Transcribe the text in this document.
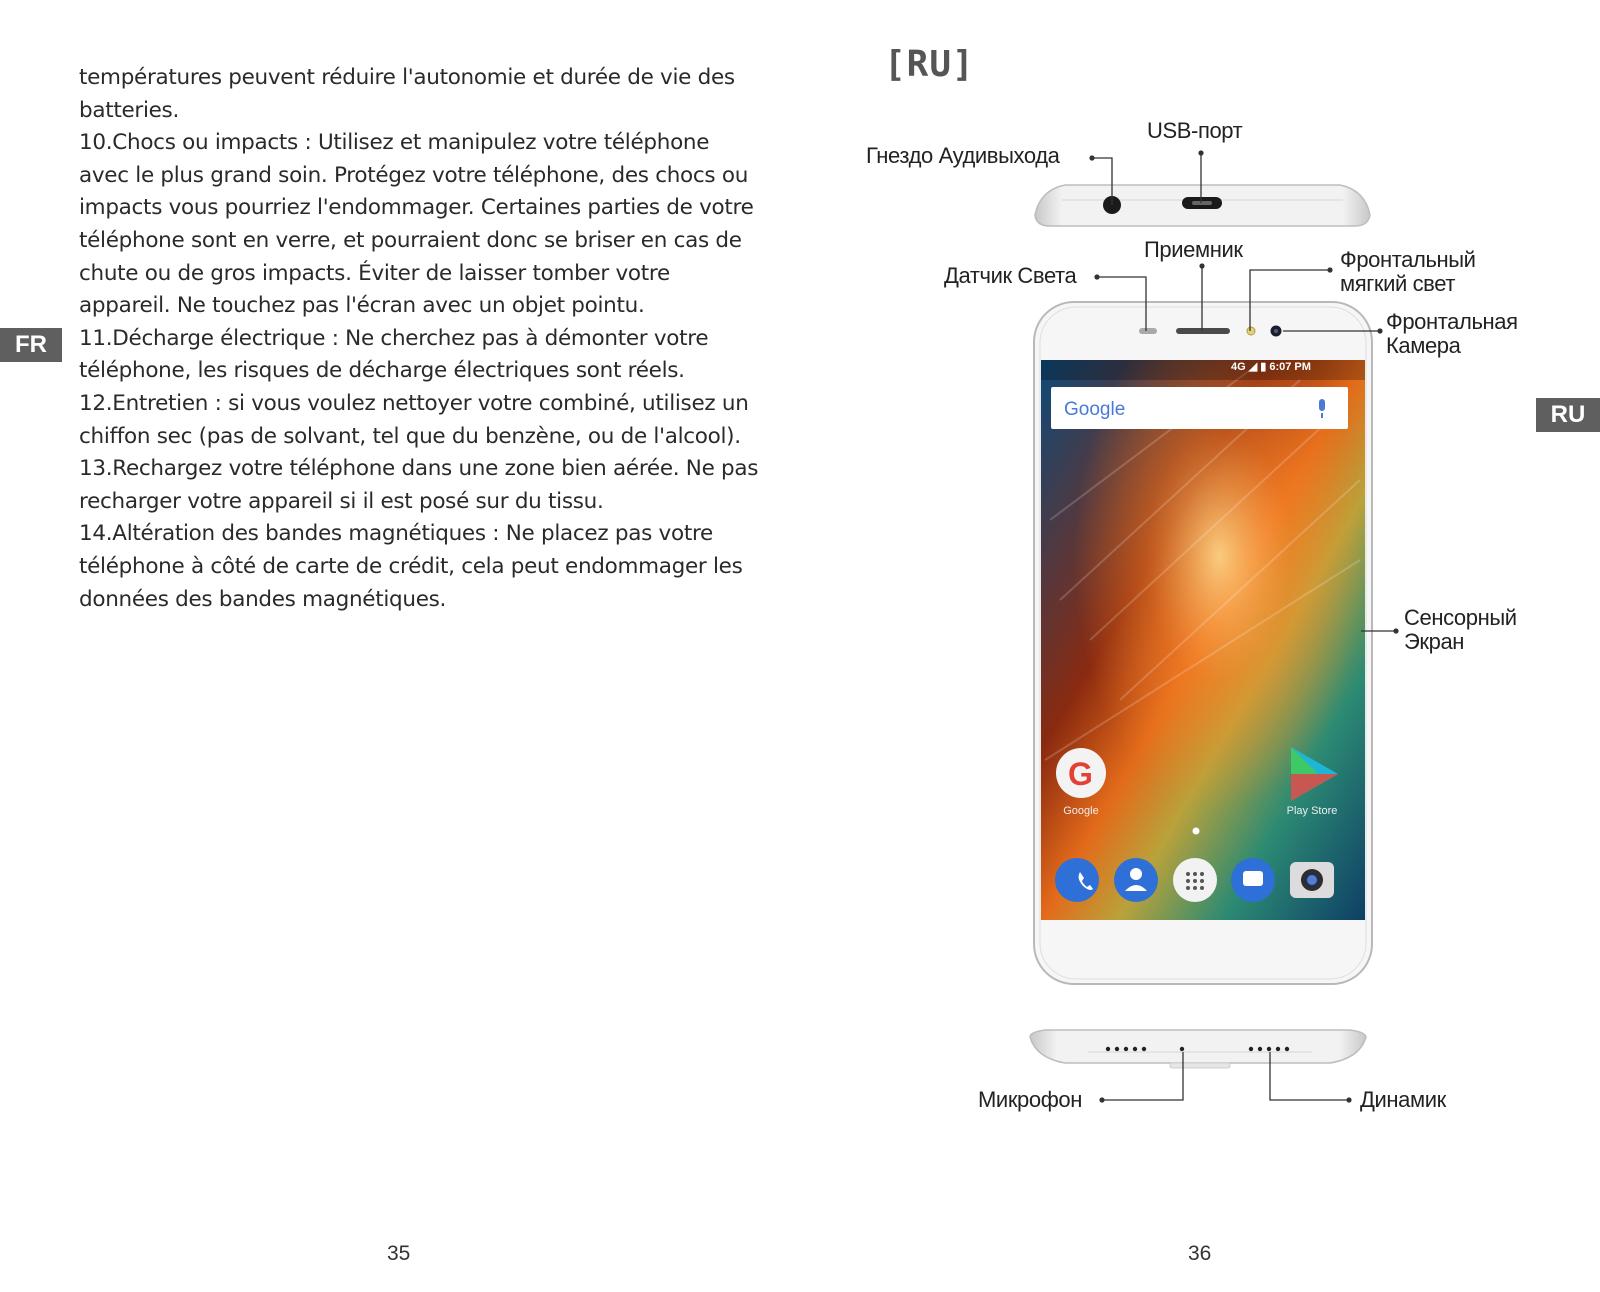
températures peuvent réduire l'autonomie et durée de vie des batteries.

10.Chocs ou impacts : Utilisez et manipulez votre téléphone avec le plus grand soin. Protégez votre téléphone, des chocs ou impacts vous pourriez l'endommager. Certaines parties de votre téléphone sont en verre, et pourraient donc se briser en cas de chute ou de gros impacts. Éviter de laisser tomber votre appareil. Ne touchez pas l'écran avec un objet pointu.

11.Décharge électrique : Ne cherchez pas à démonter votre téléphone, les risques de décharge électriques sont réels.

12.Entretien : si vous voulez nettoyer votre combiné, utilisez un chiffon sec (pas de solvant, tel que du benzène, ou de l'alcool).

13.Rechargez votre téléphone dans une zone bien aérée. Ne pas recharger votre appareil si il est posé sur du tissu.

14.Altération des bandes magnétiques : Ne placez pas votre téléphone à côté de carte de crédit, cela peut endommager les données des bandes magnétiques.

FR
35
[RU]
RU
36
Google
G
4G ◢ ▮ 6:07 PM
Google	Play Store
USB-порт
Гнездо Аудивыхода
Приемник
Датчик Света
Фронтальный
мягкий свет
Фронтальная
Камера
Сенсорный
Экран
Микрофон	Динамик
